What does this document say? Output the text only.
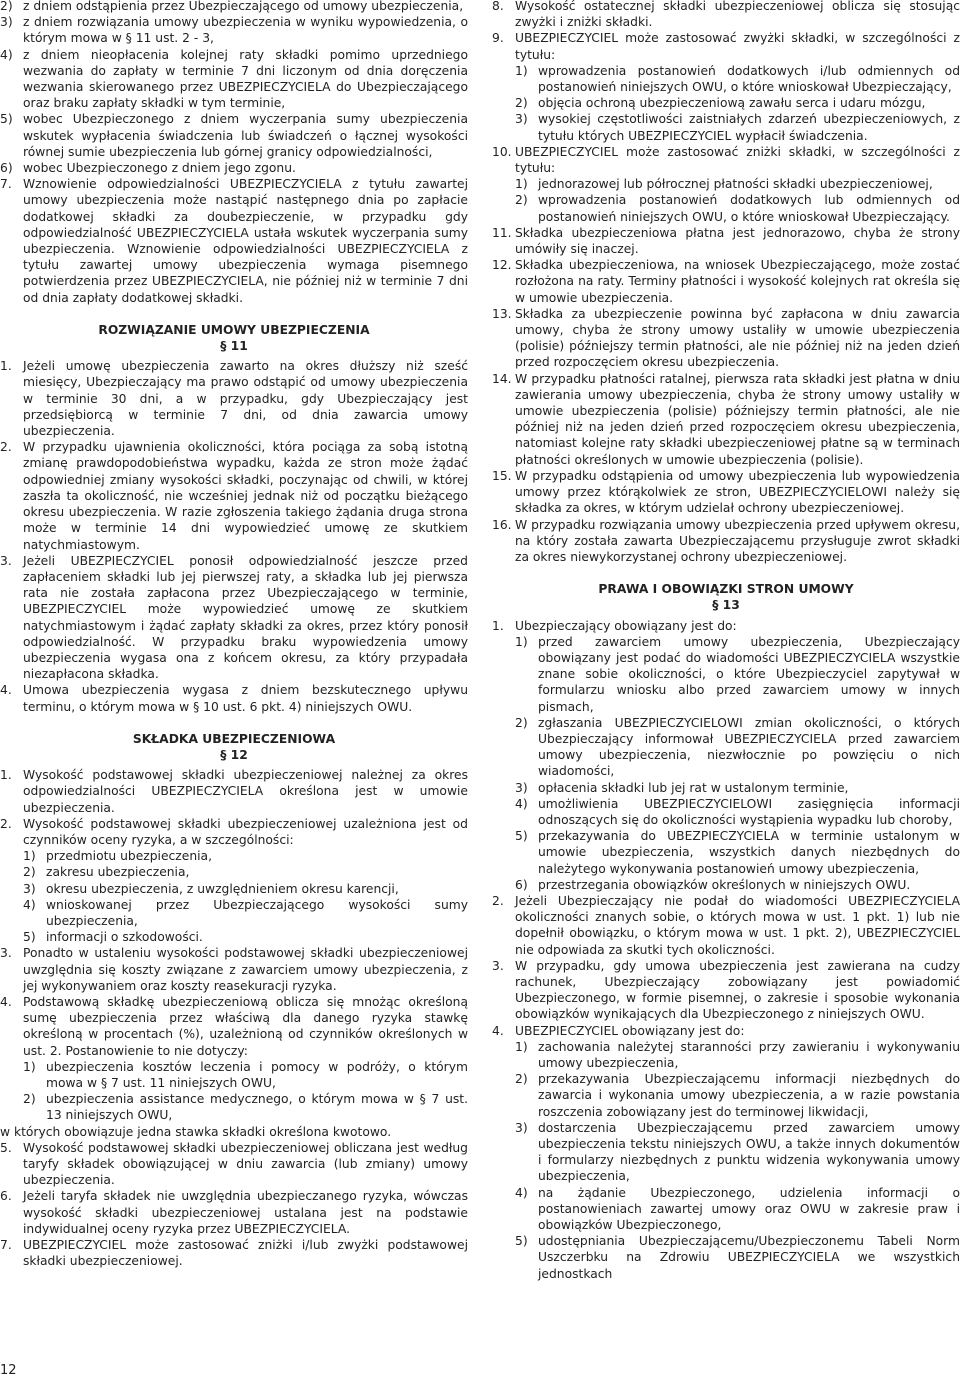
2) z dniem odstąpienia przez Ubezpieczającego od umowy ubezpieczenia,

3) z dniem rozwiązania umowy ubezpieczenia w wyniku wypowiedzenia, o którym mowa w § 11 ust. 2 - 3,

4) z dniem nieopłacenia kolejnej raty składki pomimo uprzedniego wezwania do zapłaty w terminie 7 dni liczonym od dnia doręczenia wezwania skierowanego przez UBEZPIECZYCIELA do Ubezpieczającego oraz braku zapłaty składki w tym terminie,

5) wobec Ubezpieczonego z dniem wyczerpania sumy ubezpieczenia wskutek wypłacenia świadczenia lub świadczeń o łącznej wysokości równej sumie ubezpieczenia lub górnej granicy odpowiedzialności,

6) wobec Ubezpieczonego z dniem jego zgonu.

7. Wznowienie odpowiedzialności UBEZPIECZYCIELA z tytułu zawartej umowy ubezpieczenia może nastąpić następnego dnia po zapłacie dodatkowej składki za doubezpieczenie, w przypadku gdy odpowiedzialność UBEZPIECZYCIELA ustała wskutek wyczerpania sumy ubezpieczenia. Wznowienie odpowiedzialności UBEZPIECZYCIELA z tytułu zawartej umowy ubezpieczenia wymaga pisemnego potwierdzenia przez UBEZPIECZYCIELA, nie później niż w terminie 7 dni od dnia zapłaty dodatkowej składki.

ROZWIĄZANIE UMOWY UBEZPIECZENIA

§ 11

1. Jeżeli umowę ubezpieczenia zawarto na okres dłuższy niż sześć miesięcy, Ubezpieczający ma prawo odstąpić od umowy ubezpieczenia w terminie 30 dni, a w przypadku, gdy Ubezpieczający jest przedsiębiorcą w terminie 7 dni, od dnia zawarcia umowy ubezpieczenia.

2. W przypadku ujawnienia okoliczności, która pociąga za sobą istotną zmianę prawdopodobieństwa wypadku, każda ze stron może żądać odpowiedniej zmiany wysokości składki, poczynając od chwili, w której zaszła ta okoliczność, nie wcześniej jednak niż od początku bieżącego okresu ubezpieczenia. W razie zgłoszenia takiego żądania druga strona może w terminie 14 dni wypowiedzieć umowę ze skutkiem natychmiastowym.

3. Jeżeli UBEZPIECZYCIEL ponosił odpowiedzialność jeszcze przed zapłaceniem składki lub jej pierwszej raty, a składka lub jej pierwsza rata nie została zapłacona przez Ubezpieczającego w terminie, UBEZPIECZYCIEL może wypowiedzieć umowę ze skutkiem natychmiastowym i żądać zapłaty składki za okres, przez który ponosił odpowiedzialność. W przypadku braku wypowiedzenia umowy ubezpieczenia wygasa ona z końcem okresu, za który przypadała niezapłacona składka.

4. Umowa ubezpieczenia wygasa z dniem bezskutecznego upływu terminu, o którym mowa w § 10 ust. 6 pkt. 4) niniejszych OWU.

SKŁADKA UBEZPIECZENIOWA

§ 12

1. Wysokość podstawowej składki ubezpieczeniowej należnej za okres odpowiedzialności UBEZPIECZYCIELA określona jest w umowie ubezpieczenia.

2. Wysokość podstawowej składki ubezpieczeniowej uzależniona jest od czynników oceny ryzyka, a w szczególności:

1) przedmiotu ubezpieczenia,

2) zakresu ubezpieczenia,

3) okresu ubezpieczenia, z uwzględnieniem okresu karencji,

4) wnioskowanej przez Ubezpieczającego wysokości sumy ubezpieczenia,

5) informacji o szkodowości.

3. Ponadto w ustaleniu wysokości podstawowej składki ubezpieczeniowej uwzględnia się koszty związane z zawarciem umowy ubezpieczenia, z jej wykonywaniem oraz koszty reasekuracji ryzyka.

4. Podstawową składkę ubezpieczeniową oblicza się mnożąc określoną sumę ubezpieczenia przez właściwą dla danego ryzyka stawkę określoną w procentach (%), uzależnioną od czynników określonych w ust. 2. Postanowienie to nie dotyczy:

1) ubezpieczenia kosztów leczenia i pomocy w podróży, o którym mowa w § 7 ust. 11 niniejszych OWU,

2) ubezpieczenia assistance medycznego, o którym mowa w § 7 ust. 13 niniejszych OWU,

w których obowiązuje jedna stawka składki określona kwotowo.

5. Wysokość podstawowej składki ubezpieczeniowej obliczana jest według taryfy składek obowiązującej w dniu zawarcia (lub zmiany) umowy ubezpieczenia.

6. Jeżeli taryfa składek nie uwzględnia ubezpieczanego ryzyka, wówczas wysokość składki ubezpieczeniowej ustalana jest na podstawie indywidualnej oceny ryzyka przez UBEZPIECZYCIELA.

7. UBEZPIECZYCIEL może zastosować zniżki i/lub zwyżki podstawowej składki ubezpieczeniowej.

8. Wysokość ostatecznej składki ubezpieczeniowej oblicza się stosując zwyżki i zniżki składki.

9. UBEZPIECZYCIEL może zastosować zwyżki składki, w szczególności z tytułu:

1) wprowadzenia postanowień dodatkowych i/lub odmiennych od postanowień niniejszych OWU, o które wnioskował Ubezpieczający,

2) objęcia ochroną ubezpieczeniową zawału serca i udaru mózgu,

3) wysokiej częstotliwości zaistniałych zdarzeń ubezpieczeniowych, z tytułu których UBEZPIECZYCIEL wypłacił świadczenia.

10. UBEZPIECZYCIEL może zastosować zniżki składki, w szczególności z tytułu:

1) jednorazowej lub półrocznej płatności składki ubezpieczeniowej,

2) wprowadzenia postanowień dodatkowych lub odmiennych od postanowień niniejszych OWU, o które wnioskował Ubezpieczający.

11. Składka ubezpieczeniowa płatna jest jednorazowo, chyba że strony umówiły się inaczej.

12. Składka ubezpieczeniowa, na wniosek Ubezpieczającego, może zostać rozłożona na raty. Terminy płatności i wysokość kolejnych rat określa się w umowie ubezpieczenia.

13. Składka za ubezpieczenie powinna być zapłacona w dniu zawarcia umowy, chyba że strony umowy ustaliły w umowie ubezpieczenia (polisie) późniejszy termin płatności, ale nie później niż na jeden dzień przed rozpoczęciem okresu ubezpieczenia.

14. W przypadku płatności ratalnej, pierwsza rata składki jest płatna w dniu zawierania umowy ubezpieczenia, chyba że strony umowy ustaliły w umowie ubezpieczenia (polisie) późniejszy termin płatności, ale nie później niż na jeden dzień przed rozpoczęciem okresu ubezpieczenia, natomiast kolejne raty składki ubezpieczeniowej płatne są w terminach płatności określonych w umowie ubezpieczenia (polisie).

15. W przypadku odstąpienia od umowy ubezpieczenia lub wypowiedzenia umowy przez którąkolwiek ze stron, UBEZPIECZYCIELOWI należy się składka za okres, w którym udzielał ochrony ubezpieczeniowej.

16. W przypadku rozwiązania umowy ubezpieczenia przed upływem okresu, na który została zawarta Ubezpieczającemu przysługuje zwrot składki za okres niewykorzystanej ochrony ubezpieczeniowej.

PRAWA I OBOWIĄZKI STRON UMOWY

§ 13

1. Ubezpieczający obowiązany jest do:

1) przed zawarciem umowy ubezpieczenia, Ubezpieczający obowiązany jest podać do wiadomości UBEZPIECZYCIELA wszystkie znane sobie okoliczności, o które Ubezpieczyciel zapytywał w formularzu wniosku albo przed zawarciem umowy w innych pismach,

2) zgłaszania UBEZPIECZYCIELOWI zmian okoliczności, o których Ubezpieczający informował UBEZPIECZYCIELA przed zawarciem umowy ubezpieczenia, niezwłocznie po powzięciu o nich wiadomości,

3) opłacenia składki lub jej rat w ustalonym terminie,

4) umożliwienia UBEZPIECZYCIELOWI zasięgnięcia informacji odnoszących się do okoliczności wystąpienia wypadku lub choroby,

5) przekazywania do UBEZPIECZYCIELA w terminie ustalonym w umowie ubezpieczenia, wszystkich danych niezbędnych do należytego wykonywania postanowień umowy ubezpieczenia,

6) przestrzegania obowiązków określonych w niniejszych OWU.

2. Jeżeli Ubezpieczający nie podał do wiadomości UBEZPIECZYCIELA okoliczności znanych sobie, o których mowa w ust. 1 pkt. 1) lub nie dopełnił obowiązku, o którym mowa w ust. 1 pkt. 2), UBEZPIECZYCIEL nie odpowiada za skutki tych okoliczności.

3. W przypadku, gdy umowa ubezpieczenia jest zawierana na cudzy rachunek, Ubezpieczający zobowiązany jest powiadomić Ubezpieczonego, w formie pisemnej, o zakresie i sposobie wykonania obowiązków wynikających dla Ubezpieczonego z niniejszych OWU.

4. UBEZPIECZYCIEL obowiązany jest do:

1) zachowania należytej staranności przy zawieraniu i wykonywaniu umowy ubezpieczenia,

2) przekazywania Ubezpieczającemu informacji niezbędnych do zawarcia i wykonania umowy ubezpieczenia, a w razie powstania roszczenia zobowiązany jest do terminowej likwidacji,

3) dostarczenia Ubezpieczającemu przed zawarciem umowy ubezpieczenia tekstu niniejszych OWU, a także innych dokumentów i formularzy niezbędnych z punktu widzenia wykonywania umowy ubezpieczenia,

4) na żądanie Ubezpieczonego, udzielenia informacji o postanowieniach zawartej umowy oraz OWU w zakresie praw i obowiązków Ubezpieczonego,

5) udostępniania Ubezpieczającemu/Ubezpieczonemu Tabeli Norm Uszczerbku na Zdrowiu UBEZPIECZYCIELA we wszystkich jednostkach

12
